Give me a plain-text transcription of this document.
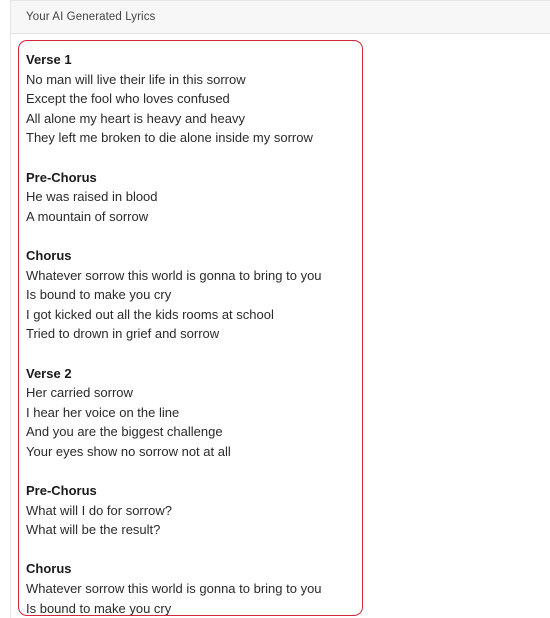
Your AI Generated Lyrics
Verse 1
No man will live their life in this sorrow
Except the fool who loves confused
All alone my heart is heavy and heavy
They left me broken to die alone inside my sorrow
Pre-Chorus
He was raised in blood
A mountain of sorrow
Chorus
Whatever sorrow this world is gonna to bring to you
Is bound to make you cry
I got kicked out all the kids rooms at school
Tried to drown in grief and sorrow
Verse 2
Her carried sorrow
I hear her voice on the line
And you are the biggest challenge
Your eyes show no sorrow not at all
Pre-Chorus
What will I do for sorrow?
What will be the result?
Chorus
Whatever sorrow this world is gonna to bring to you
Is bound to make you cry
